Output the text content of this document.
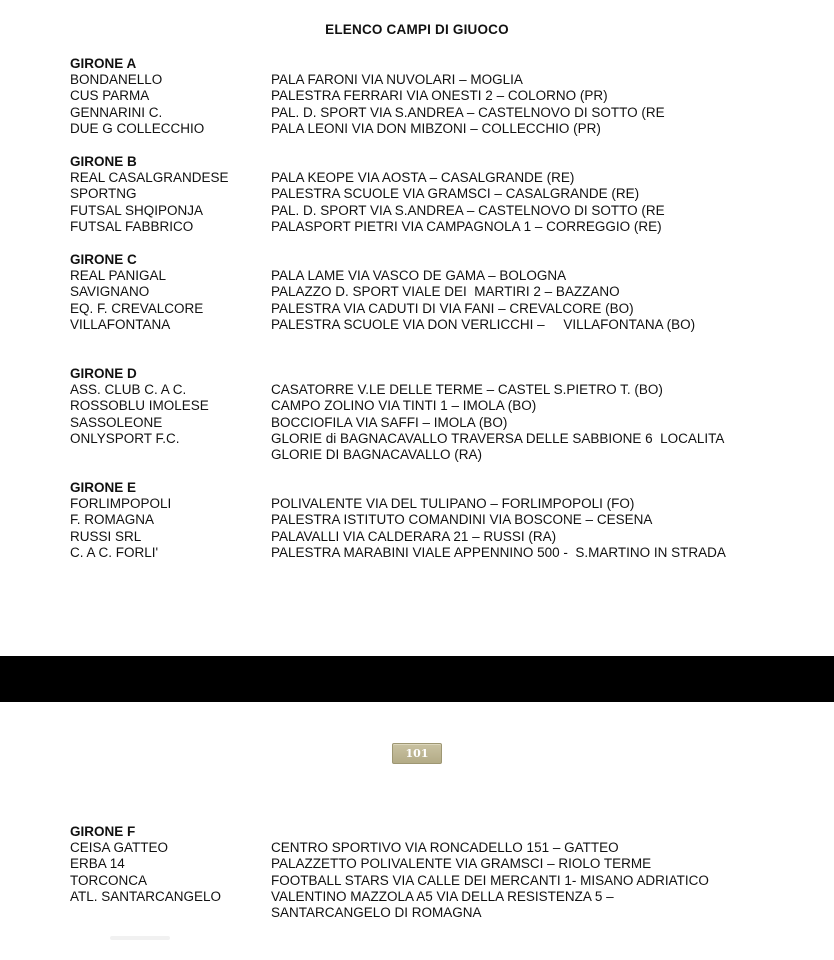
ELENCO CAMPI DI GIUOCO
GIRONE A
BONDANELLO	PALA FARONI VIA NUVOLARI – MOGLIA
CUS PARMA	PALESTRA FERRARI VIA ONESTI 2 – COLORNO (PR)
GENNARINI C.	PAL. D. SPORT VIA S.ANDREA – CASTELNOVO DI SOTTO (RE
DUE G COLLECCHIO	PALA LEONI VIA DON MIBZONI – COLLECCHIO (PR)
GIRONE B
REAL CASALGRANDESE	PALA KEOPE VIA AOSTA – CASALGRANDE (RE)
SPORTNG	PALESTRA SCUOLE VIA GRAMSCI – CASALGRANDE (RE)
FUTSAL SHQIPONJA	PAL. D. SPORT VIA S.ANDREA – CASTELNOVO DI SOTTO (RE
FUTSAL FABBRICO	PALASPORT PIETRI VIA CAMPAGNOLA 1 – CORREGGIO (RE)
GIRONE C
REAL PANIGAL	PALA LAME VIA VASCO DE GAMA – BOLOGNA
SAVIGNANO	PALAZZO D. SPORT VIALE DEI  MARTIRI 2 – BAZZANO
EQ. F. CREVALCORE	PALESTRA VIA CADUTI DI VIA FANI – CREVALCORE (BO)
VILLAFONTANA	PALESTRA SCUOLE VIA DON VERLICCHI –     VILLAFONTANA (BO)
GIRONE D
ASS. CLUB C. A C.	CASATORRE V.LE DELLE TERME – CASTEL S.PIETRO T. (BO)
ROSSOBLU IMOLESE	CAMPO ZOLINO VIA TINTI 1 – IMOLA (BO)
SASSOLEONE	BOCCIOFILA VIA SAFFI – IMOLA (BO)
ONLYSPORT F.C.	GLORIE di BAGNACAVALLO TRAVERSA DELLE SABBIONE 6  LOCALITA
GLORIE DI BAGNACAVALLO (RA)
GIRONE E
FORLIMPOPOLI	POLIVALENTE VIA DEL TULIPANO – FORLIMPOPOLI (FO)
F. ROMAGNA	PALESTRA ISTITUTO COMANDINI VIA BOSCONE – CESENA
RUSSI SRL	PALAVALLI VIA CALDERARA 21 – RUSSI (RA)
C. A C. FORLI'	PALESTRA MARABINI VIALE APPENNINO 500 -  S.MARTINO IN STRADA
101
GIRONE F
CEISA GATTEO	CENTRO SPORTIVO VIA RONCADELLO 151 – GATTEO
ERBA 14	PALAZZETTO POLIVALENTE VIA GRAMSCI – RIOLO TERME
TORCONCA	FOOTBALL STARS VIA CALLE DEI MERCANTI 1- MISANO ADRIATICO
ATL. SANTARCANGELO	VALENTINO MAZZOLA A5 VIA DELLA RESISTENZA 5 –
SANTARCANGELO DI ROMAGNA
